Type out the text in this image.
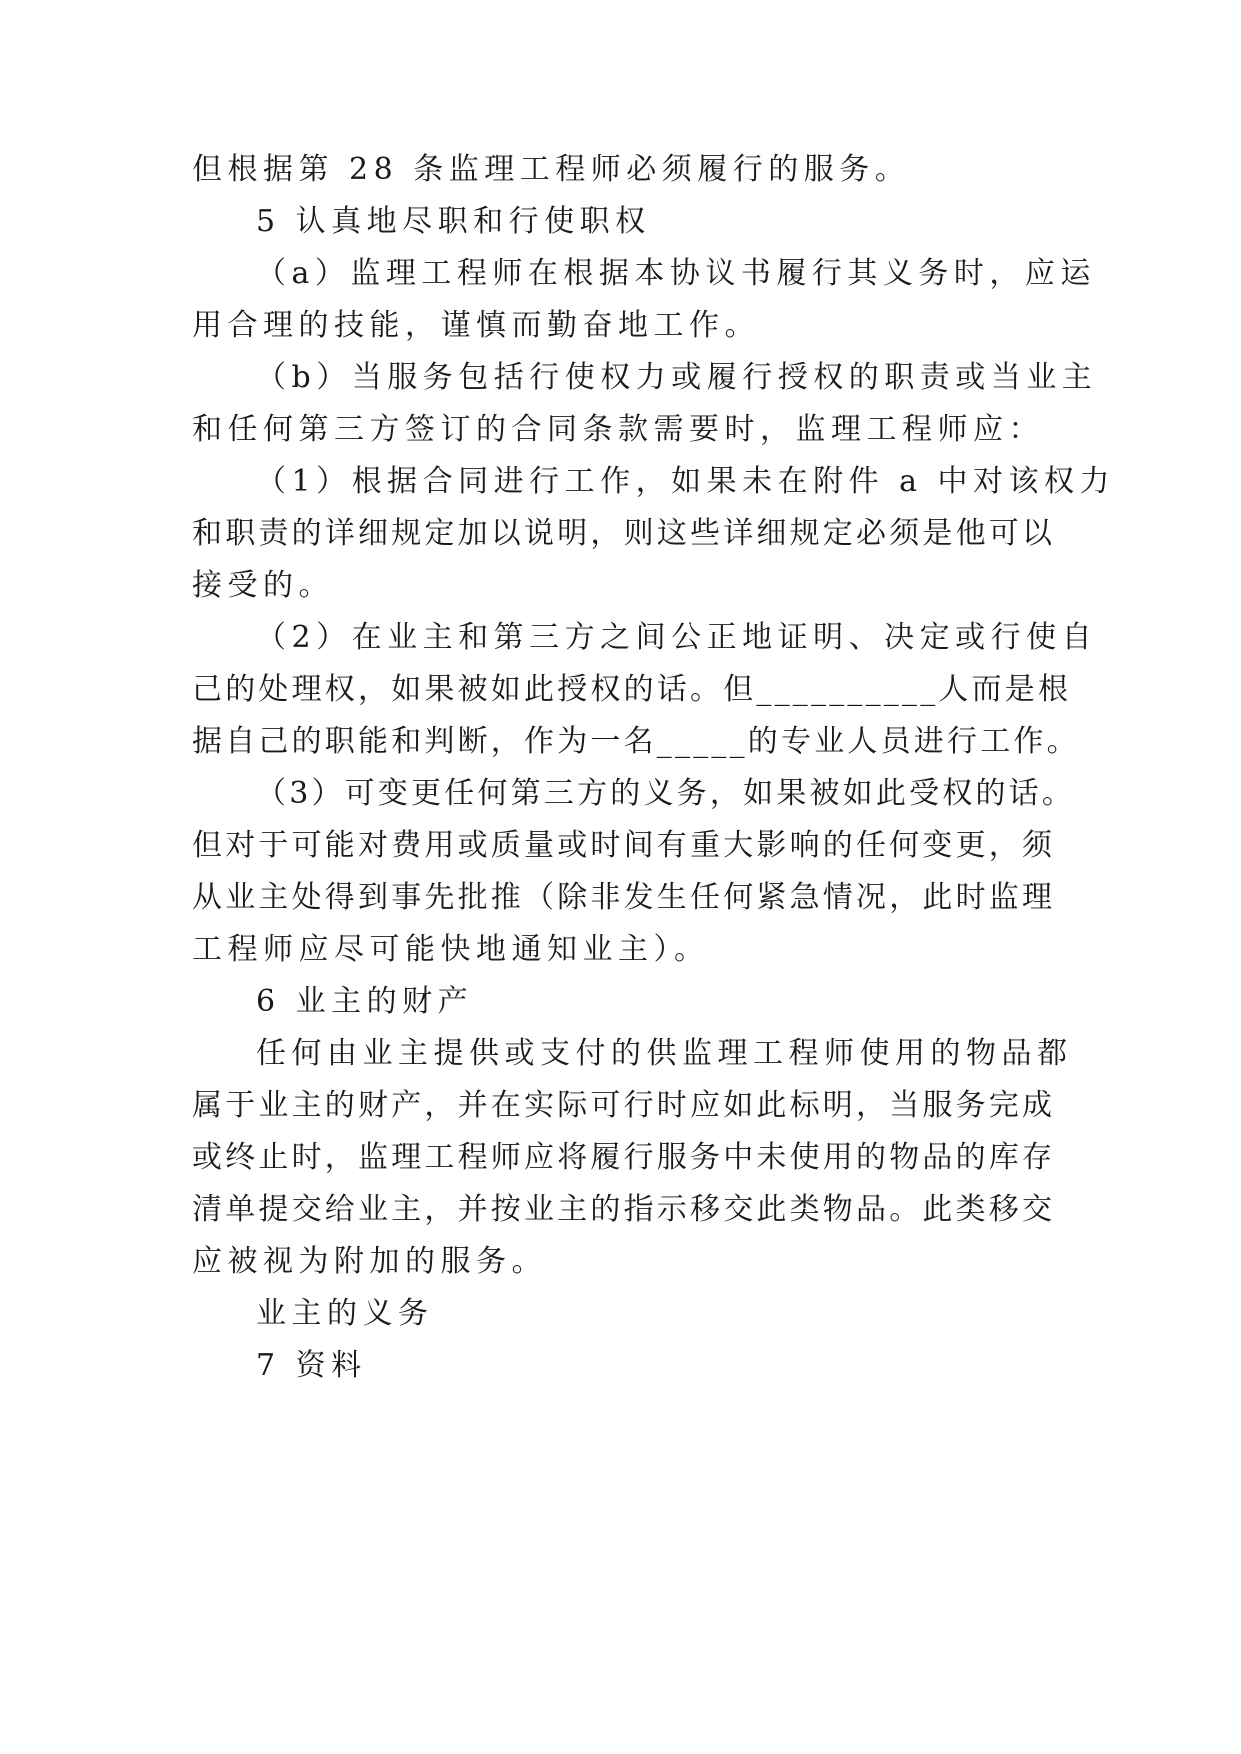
但根据第 28 条监理工程师必须履行的服务。
5 认真地尽职和行使职权
（a）监理工程师在根据本协议书履行其义务时，应运
用合理的技能，谨慎而勤奋地工作。
（b）当服务包括行使权力或履行授权的职责或当业主
和任何第三方签订的合同条款需要时，监理工程师应：
（1）根据合同进行工作，如果未在附件 a 中对该权力
和职责的详细规定加以说明，则这些详细规定必须是他可以
接受的。
（2）在业主和第三方之间公正地证明、决定或行使自
己的处理权，如果被如此授权的话。但__________人而是根
据自己的职能和判断，作为一名_____的专业人员进行工作。
（3）可变更任何第三方的义务，如果被如此受权的话。
但对于可能对费用或质量或时间有重大影响的任何变更，须
从业主处得到事先批推（除非发生任何紧急情况，此时监理
工程师应尽可能快地通知业主）。
6 业主的财产
任何由业主提供或支付的供监理工程师使用的物品都
属于业主的财产，并在实际可行时应如此标明，当服务完成
或终止时，监理工程师应将履行服务中未使用的物品的库存
清单提交给业主，并按业主的指示移交此类物品。此类移交
应被视为附加的服务。
业主的义务
7 资料
